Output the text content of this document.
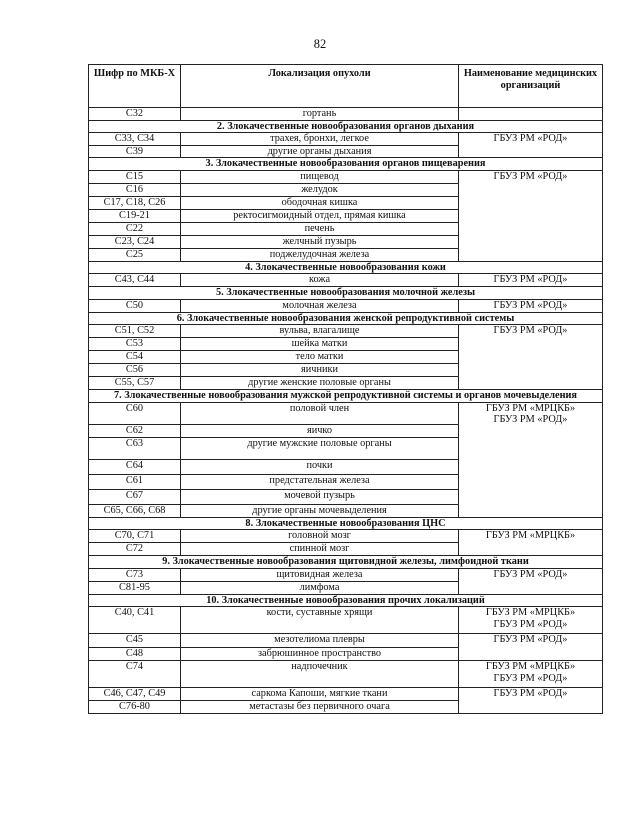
82
Шифр по МКБ-Х	Локализация опухоли	Наименование медицинских организаций
С32	гортань	
2. Злокачественные новообразования органов дыхания		
С33, С34	трахея, бронхи, легкое	ГБУЗ РМ «РОД»

С39	другие органы дыхания	
3. Злокачественные новообразования органов пищеварения		
С15	пищевод	ГБУЗ РМ «РОД»

С16	желудок	
С17, С18, С26	ободочная кишка	
С19-21	ректосигмоидный отдел, прямая кишка	
С22	печень	
С23, С24	желчный пузырь	
С25	поджелудочная железа	
4. Злокачественные новообразования кожи		
С43, С44	кожа	ГБУЗ РМ «РОД»

5. Злокачественные новообразования молочной железы		
С50	молочная железа	ГБУЗ РМ «РОД»

6. Злокачественные новообразования женской репродуктивной системы		
С51, С52	вульва, влагалище	ГБУЗ РМ «РОД»

С53	шейка матки	
С54	тело матки	
С56	яичники	
С55, С57	другие женские половые органы	
7. Злокачественные новообразования мужской репродуктивной системы и органов мочевыделения		
С60	половой член	ГБУЗ РМ «МРЦКБ»
ГБУЗ РМ «РОД»

С62	яичко	
С63	другие мужские половые органы	
С64	почки	
С61	предстательная железа	
С67	мочевой пузырь	
С65, С66, С68	другие органы мочевыделения	
8. Злокачественные новообразования ЦНС		
С70, С71	головной мозг	ГБУЗ РМ «МРЦКБ»

С72	спинной мозг	
9. Злокачественные новообразования щитовидной железы, лимфоидной ткани		
С73	щитовидная железа	ГБУЗ РМ «РОД»

С81-95	лимфома	
10. Злокачественные новообразования прочих локализаций		
С40, С41	кости, суставные хрящи	ГБУЗ РМ «МРЦКБ»
ГБУЗ РМ «РОД»

С45	мезотелиома плевры	ГБУЗ РМ «РОД»

С48	забрюшинное пространство	
С74	надпочечник	ГБУЗ РМ «МРЦКБ»
ГБУЗ РМ «РОД»

С46, С47, С49	саркома Капоши, мягкие ткани	ГБУЗ РМ «РОД»

С76-80	метастазы без первичного очага	
